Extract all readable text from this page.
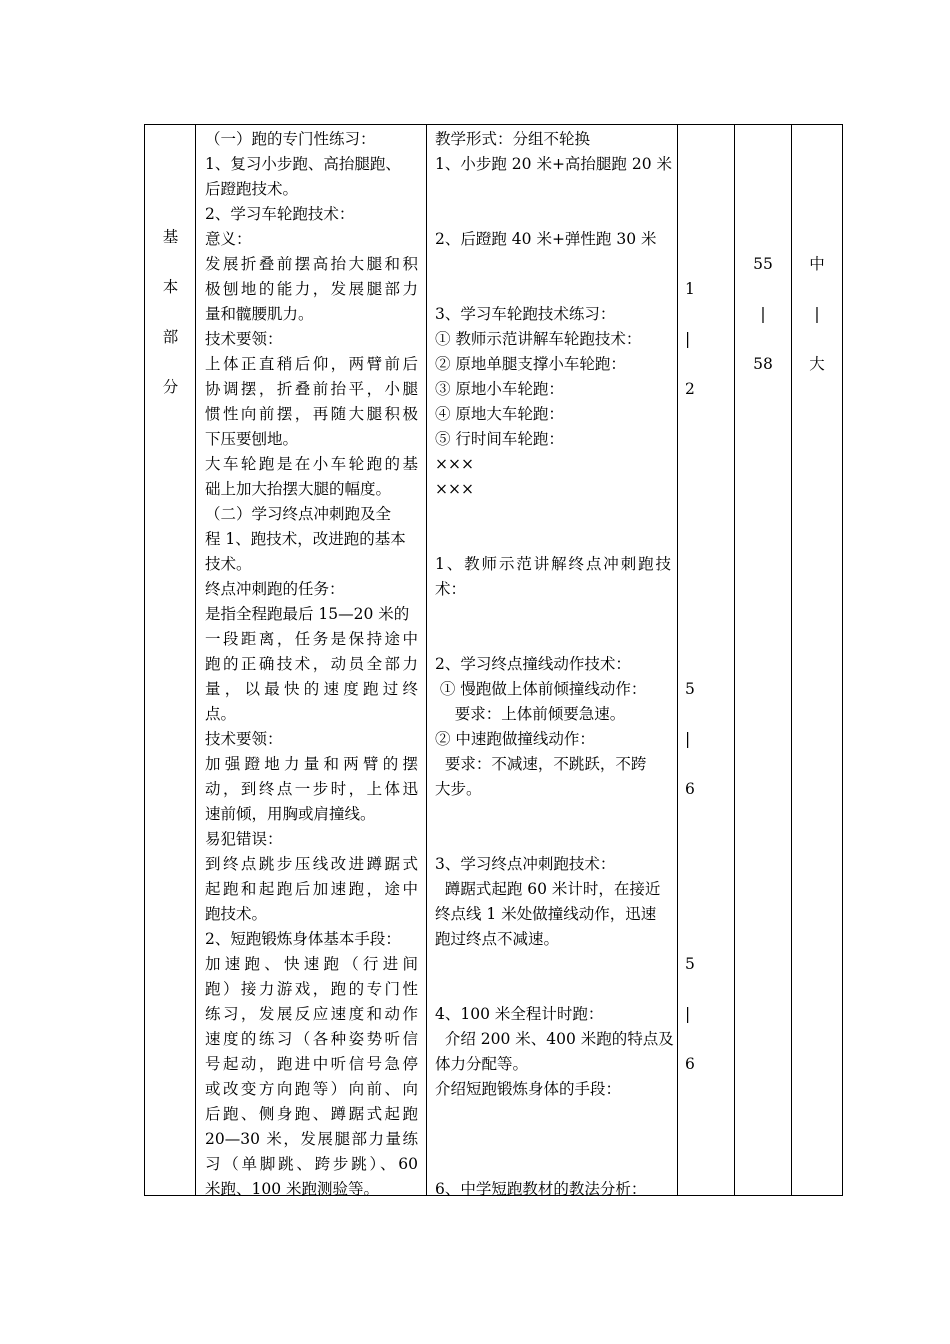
基
本
部
分
（一）跑的专门性练习：
1、复习小步跑、高抬腿跑、
后蹬跑技术。
2、学习车轮跑技术：
意义：
发展折叠前摆高抬大腿和积
极刨地的能力，发展腿部力
量和髋腰肌力。
技术要领：
上体正直稍后仰，两臂前后
协调摆，折叠前抬平，小腿
惯性向前摆，再随大腿积极
下压要刨地。
大车轮跑是在小车轮跑的基
础上加大抬摆大腿的幅度。
（二）学习终点冲刺跑及全
程 1、跑技术，改进跑的基本
技术。
终点冲刺跑的任务：
是指全程跑最后 15—20 米的
一段距离，任务是保持途中
跑的正确技术，动员全部力
量，以最快的速度跑过终
点。
技术要领：
加强蹬地力量和两臂的摆
动，到终点一步时，上体迅
速前倾，用胸或肩撞线。
易犯错误：
到终点跳步压线改进蹲踞式
起跑和起跑后加速跑，途中
跑技术。
2、短跑锻炼身体基本手段：
加速跑、快速跑（行进间
跑）接力游戏，跑的专门性
练习，发展反应速度和动作
速度的练习（各种姿势听信
号起动，跑进中听信号急停
或改变方向跑等）向前、向
后跑、侧身跑、蹲踞式起跑
20—30 米，发展腿部力量练
习（单脚跳、跨步跳）、60
米跑、100 米跑测验等。
教学形式：分组不轮换
1、小步跑 20 米+高抬腿跑 20 米
2、后蹬跑 40 米+弹性跑 30 米
3、学习车轮跑技术练习：
① 教师示范讲解车轮跑技术：
② 原地单腿支撑小车轮跑：
③ 原地小车轮跑：
④ 原地大车轮跑：
⑤ 行时间车轮跑：
×××
×××
1、教师示范讲解终点冲刺跑技
术：
2、学习终点撞线动作技术：
① 慢跑做上体前倾撞线动作：
要求：上体前倾要急速。
② 中速跑做撞线动作：
要求：不减速，不跳跃，不跨
大步。
3、学习终点冲刺跑技术：
蹲踞式起跑 60 米计时，在接近
终点线 1 米处做撞线动作，迅速
跑过终点不减速。
4、100 米全程计时跑：
介绍 200 米、400 米跑的特点及
体力分配等。
介绍短跑锻炼身体的手段：
6、中学短跑教材的教法分析：
1
|
2
5
|
6
5
|
6
55
|
58
中
|
大
